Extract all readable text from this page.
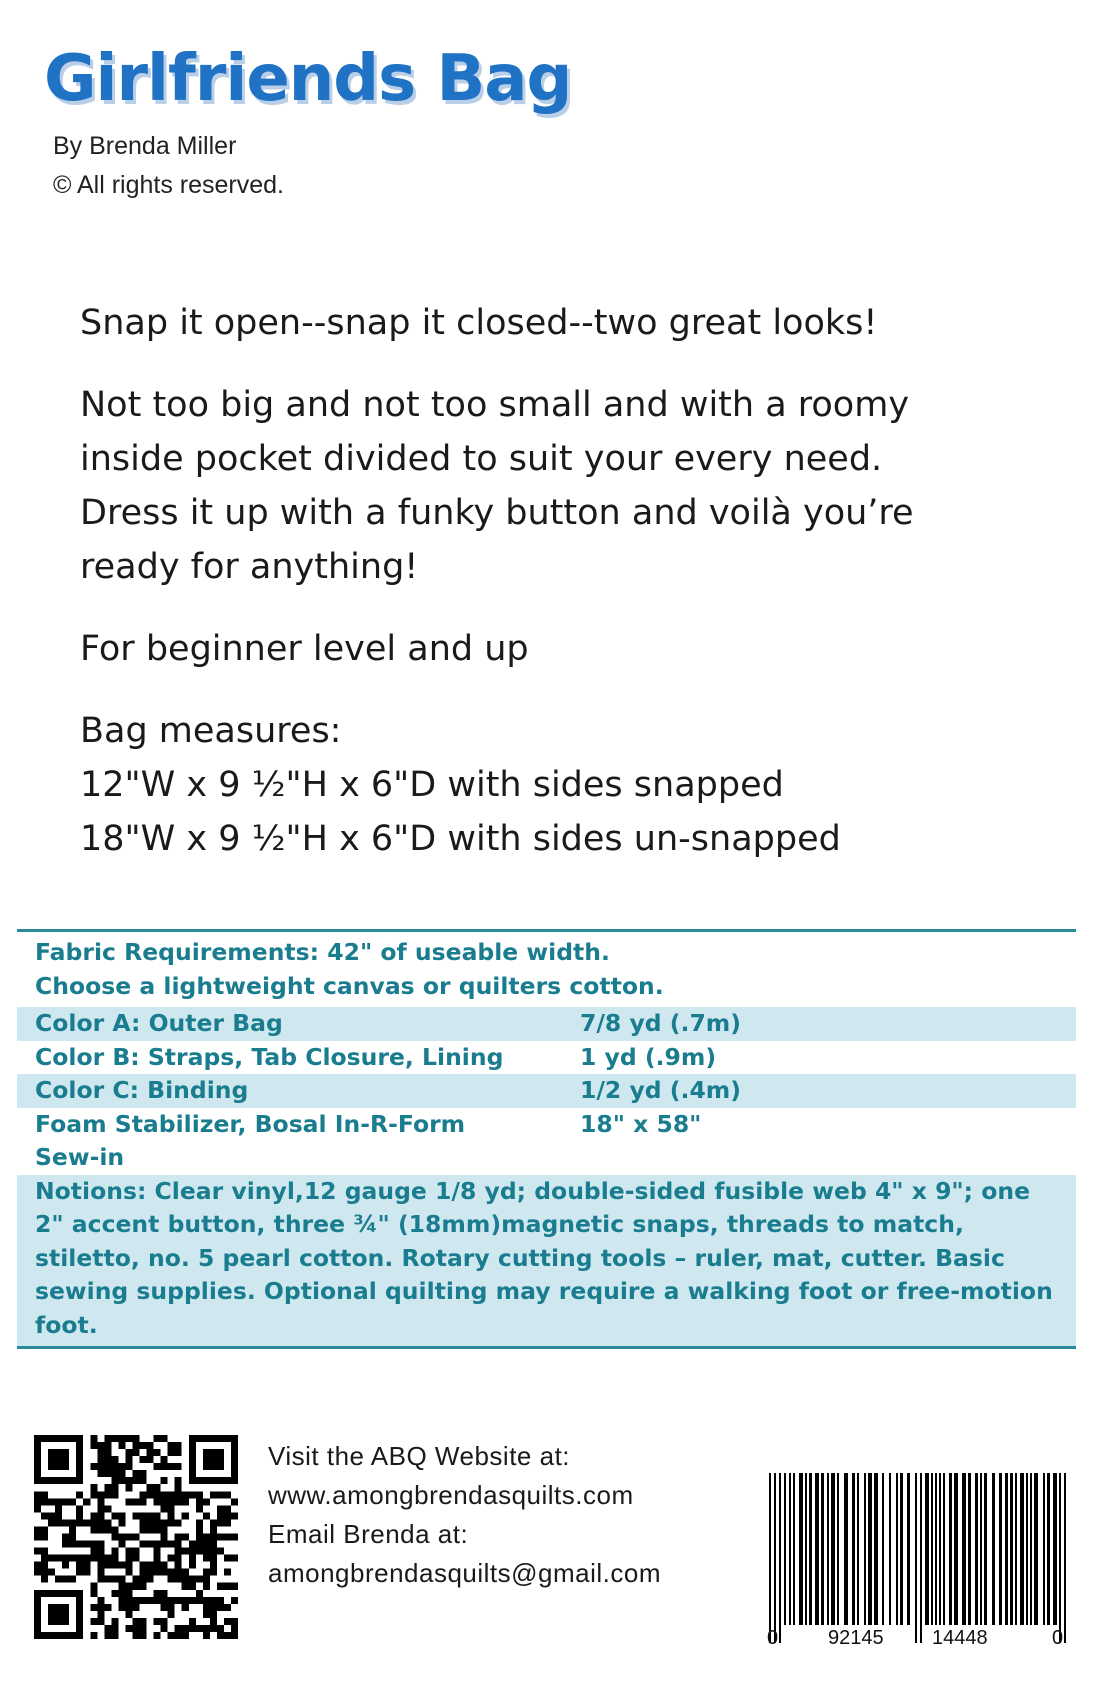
Girlfriends Bag
By Brenda Miller
© All rights reserved.

Snap it open--snap it closed--two great looks!

Not too big and not too small and with a roomy inside pocket divided to suit your every need. Dress it up with a funky button and voilà you’re ready for anything!

For beginner level and up

Bag measures:

12"W x 9 ½"H x 6"D with sides snapped

18"W x 9 ½"H x 6"D with sides un-snapped

Fabric Requirements: 42" of useable width.
Choose a lightweight canvas or quilters cotton.
Color A: Outer Bag	7/8 yd (.7m)
Color B: Straps, Tab Closure, Lining	1 yd (.9m)
Color C: Binding	1/2 yd (.4m)
Foam Stabilizer, Bosal In-R-Form	18" x 58"
Sew-in
Notions: Clear vinyl,12 gauge 1/8 yd; double-sided fusible web 4" x 9"; one 2" accent button, three ¾" (18mm)magnetic snaps, threads to match, stiletto, no. 5 pearl cotton. Rotary cutting tools – ruler, mat, cutter. Basic sewing supplies. Optional quilting may require a walking foot or free-motion foot.
Visit the ABQ Website at:
www.amongbrendasquilts.com
Email Brenda at:
amongbrendasquilts@gmail.com
0 92145 14448	0
